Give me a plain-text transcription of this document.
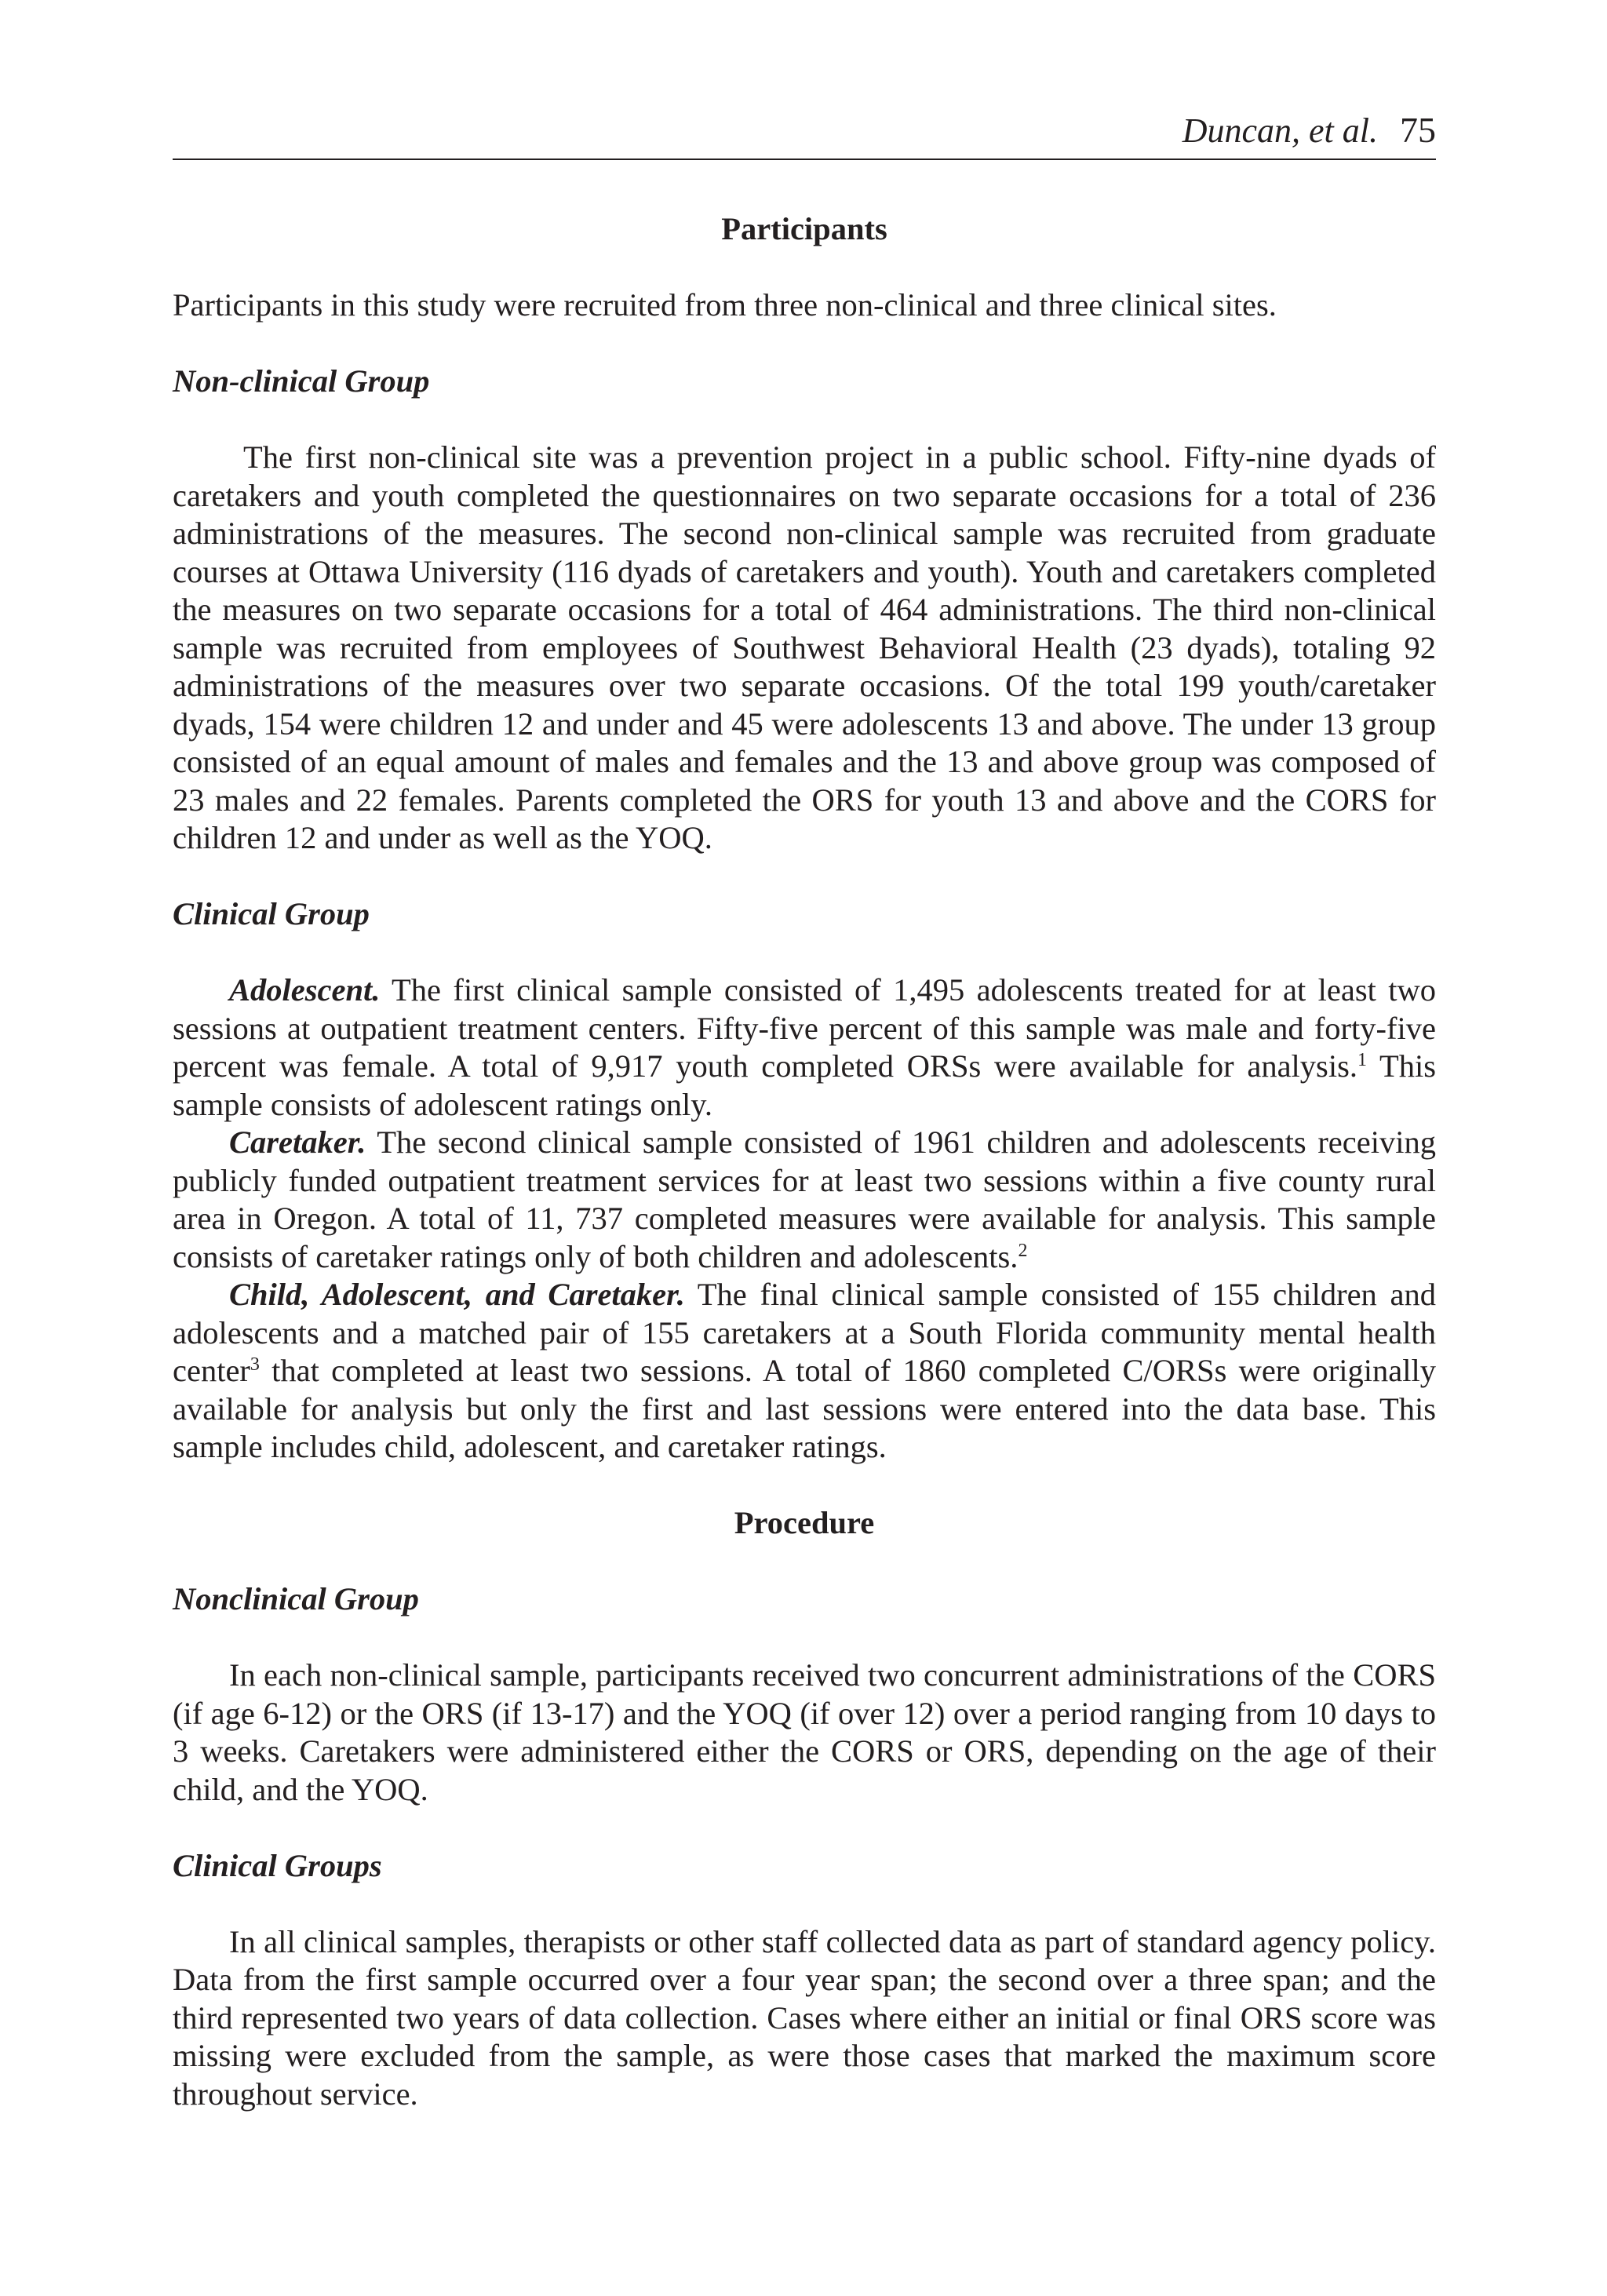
Duncan, et al. 75
Participants

Participants in this study were recruited from three non-clinical and three clinical sites.

Non-clinical Group

The first non-clinical site was a prevention project in a public school. Fifty-nine dyads of caretakers and youth completed the questionnaires on two separate occasions for a total of 236 administrations of the measures. The second non-clinical sample was recruited from graduate courses at Ottawa University (116 dyads of caretakers and youth). Youth and caretakers completed the measures on two separate occasions for a total of 464 administrations. The third non-clinical sample was recruited from employees of Southwest Behavioral Health (23 dyads), totaling 92 administrations of the measures over two separate occasions. Of the total 199 youth/caretaker dyads, 154 were children 12 and under and 45 were adolescents 13 and above. The under 13 group consisted of an equal amount of males and females and the 13 and above group was composed of 23 males and 22 females. Parents completed the ORS for youth 13 and above and the CORS for children 12 and under as well as the YOQ.

Clinical Group

Adolescent. The first clinical sample consisted of 1,495 adolescents treated for at least two sessions at outpatient treatment centers. Fifty-five percent of this sample was male and forty-five percent was female. A total of 9,917 youth completed ORSs were available for analysis.$^1$ This sample consists of adolescent ratings only.

Caretaker. The second clinical sample consisted of 1961 children and adolescents receiving publicly funded outpatient treatment services for at least two sessions within a five county rural area in Oregon. A total of 11, 737 completed measures were available for analysis. This sample consists of caretaker ratings only of both children and adolescents.$^2$

Child, Adolescent, and Caretaker. The final clinical sample consisted of 155 children and adolescents and a matched pair of 155 caretakers at a South Florida community mental health center$^3$ that completed at least two sessions. A total of 1860 completed C/ORSs were originally available for analysis but only the first and last sessions were entered into the data base. This sample includes child, adolescent, and caretaker ratings.

Procedure
Nonclinical Group

In each non-clinical sample, participants received two concurrent administrations of the CORS (if age 6-12) or the ORS (if 13-17) and the YOQ (if over 12) over a period ranging from 10 days to 3 weeks. Caretakers were administered either the CORS or ORS, depending on the age of their child, and the YOQ.

Clinical Groups

In all clinical samples, therapists or other staff collected data as part of standard agency policy. Data from the first sample occurred over a four year span; the second over a three span; and the third represented two years of data collection. Cases where either an initial or final ORS score was missing were excluded from the sample, as were those cases that marked the maximum score throughout service.
